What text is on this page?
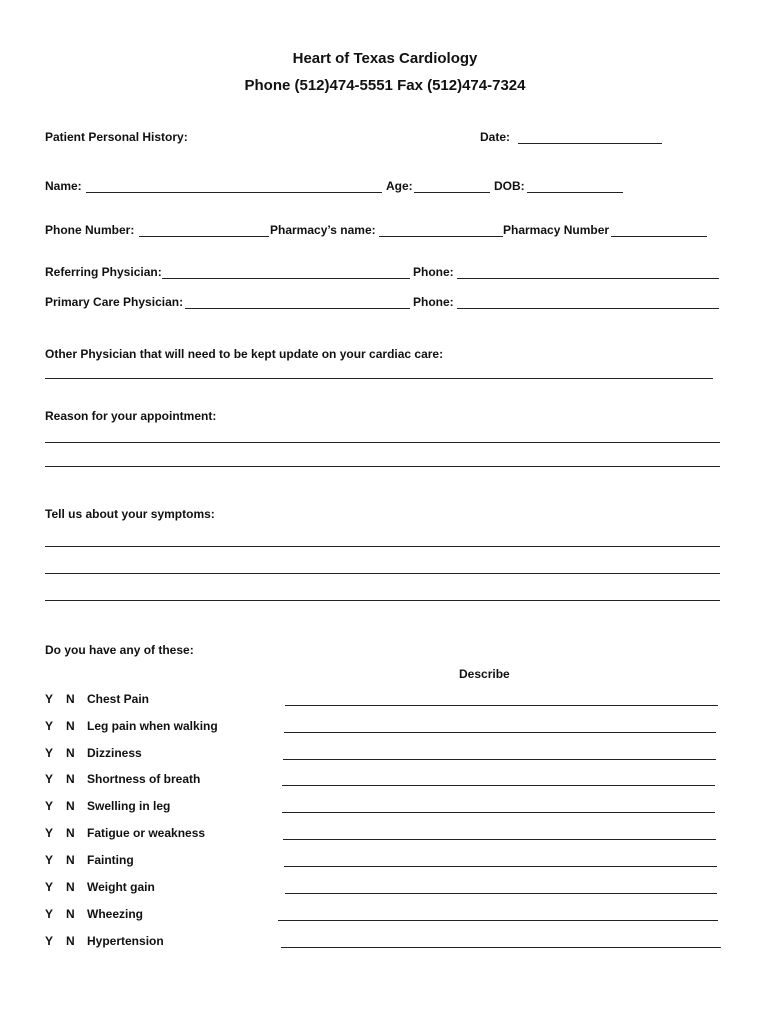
Heart of Texas Cardiology
Phone (512)474-5551 Fax (512)474-7324
Patient Personal History:	Date:
Name:	Age:	DOB:
Phone Number:	Pharmacy’s name:	Pharmacy Number
Referring Physician:	Phone:
Primary Care Physician:	Phone:
Other Physician that will need to be kept update on your cardiac care:
Reason for your appointment:
Tell us about your symptoms:
Do you have any of these:
Describe
Y N Chest Pain
Y N Leg pain when walking
Y N Dizziness
Y N Shortness of breath
Y N Swelling in leg
Y N Fatigue or weakness
Y N Fainting
Y N Weight gain
Y N Wheezing
Y N Hypertension
